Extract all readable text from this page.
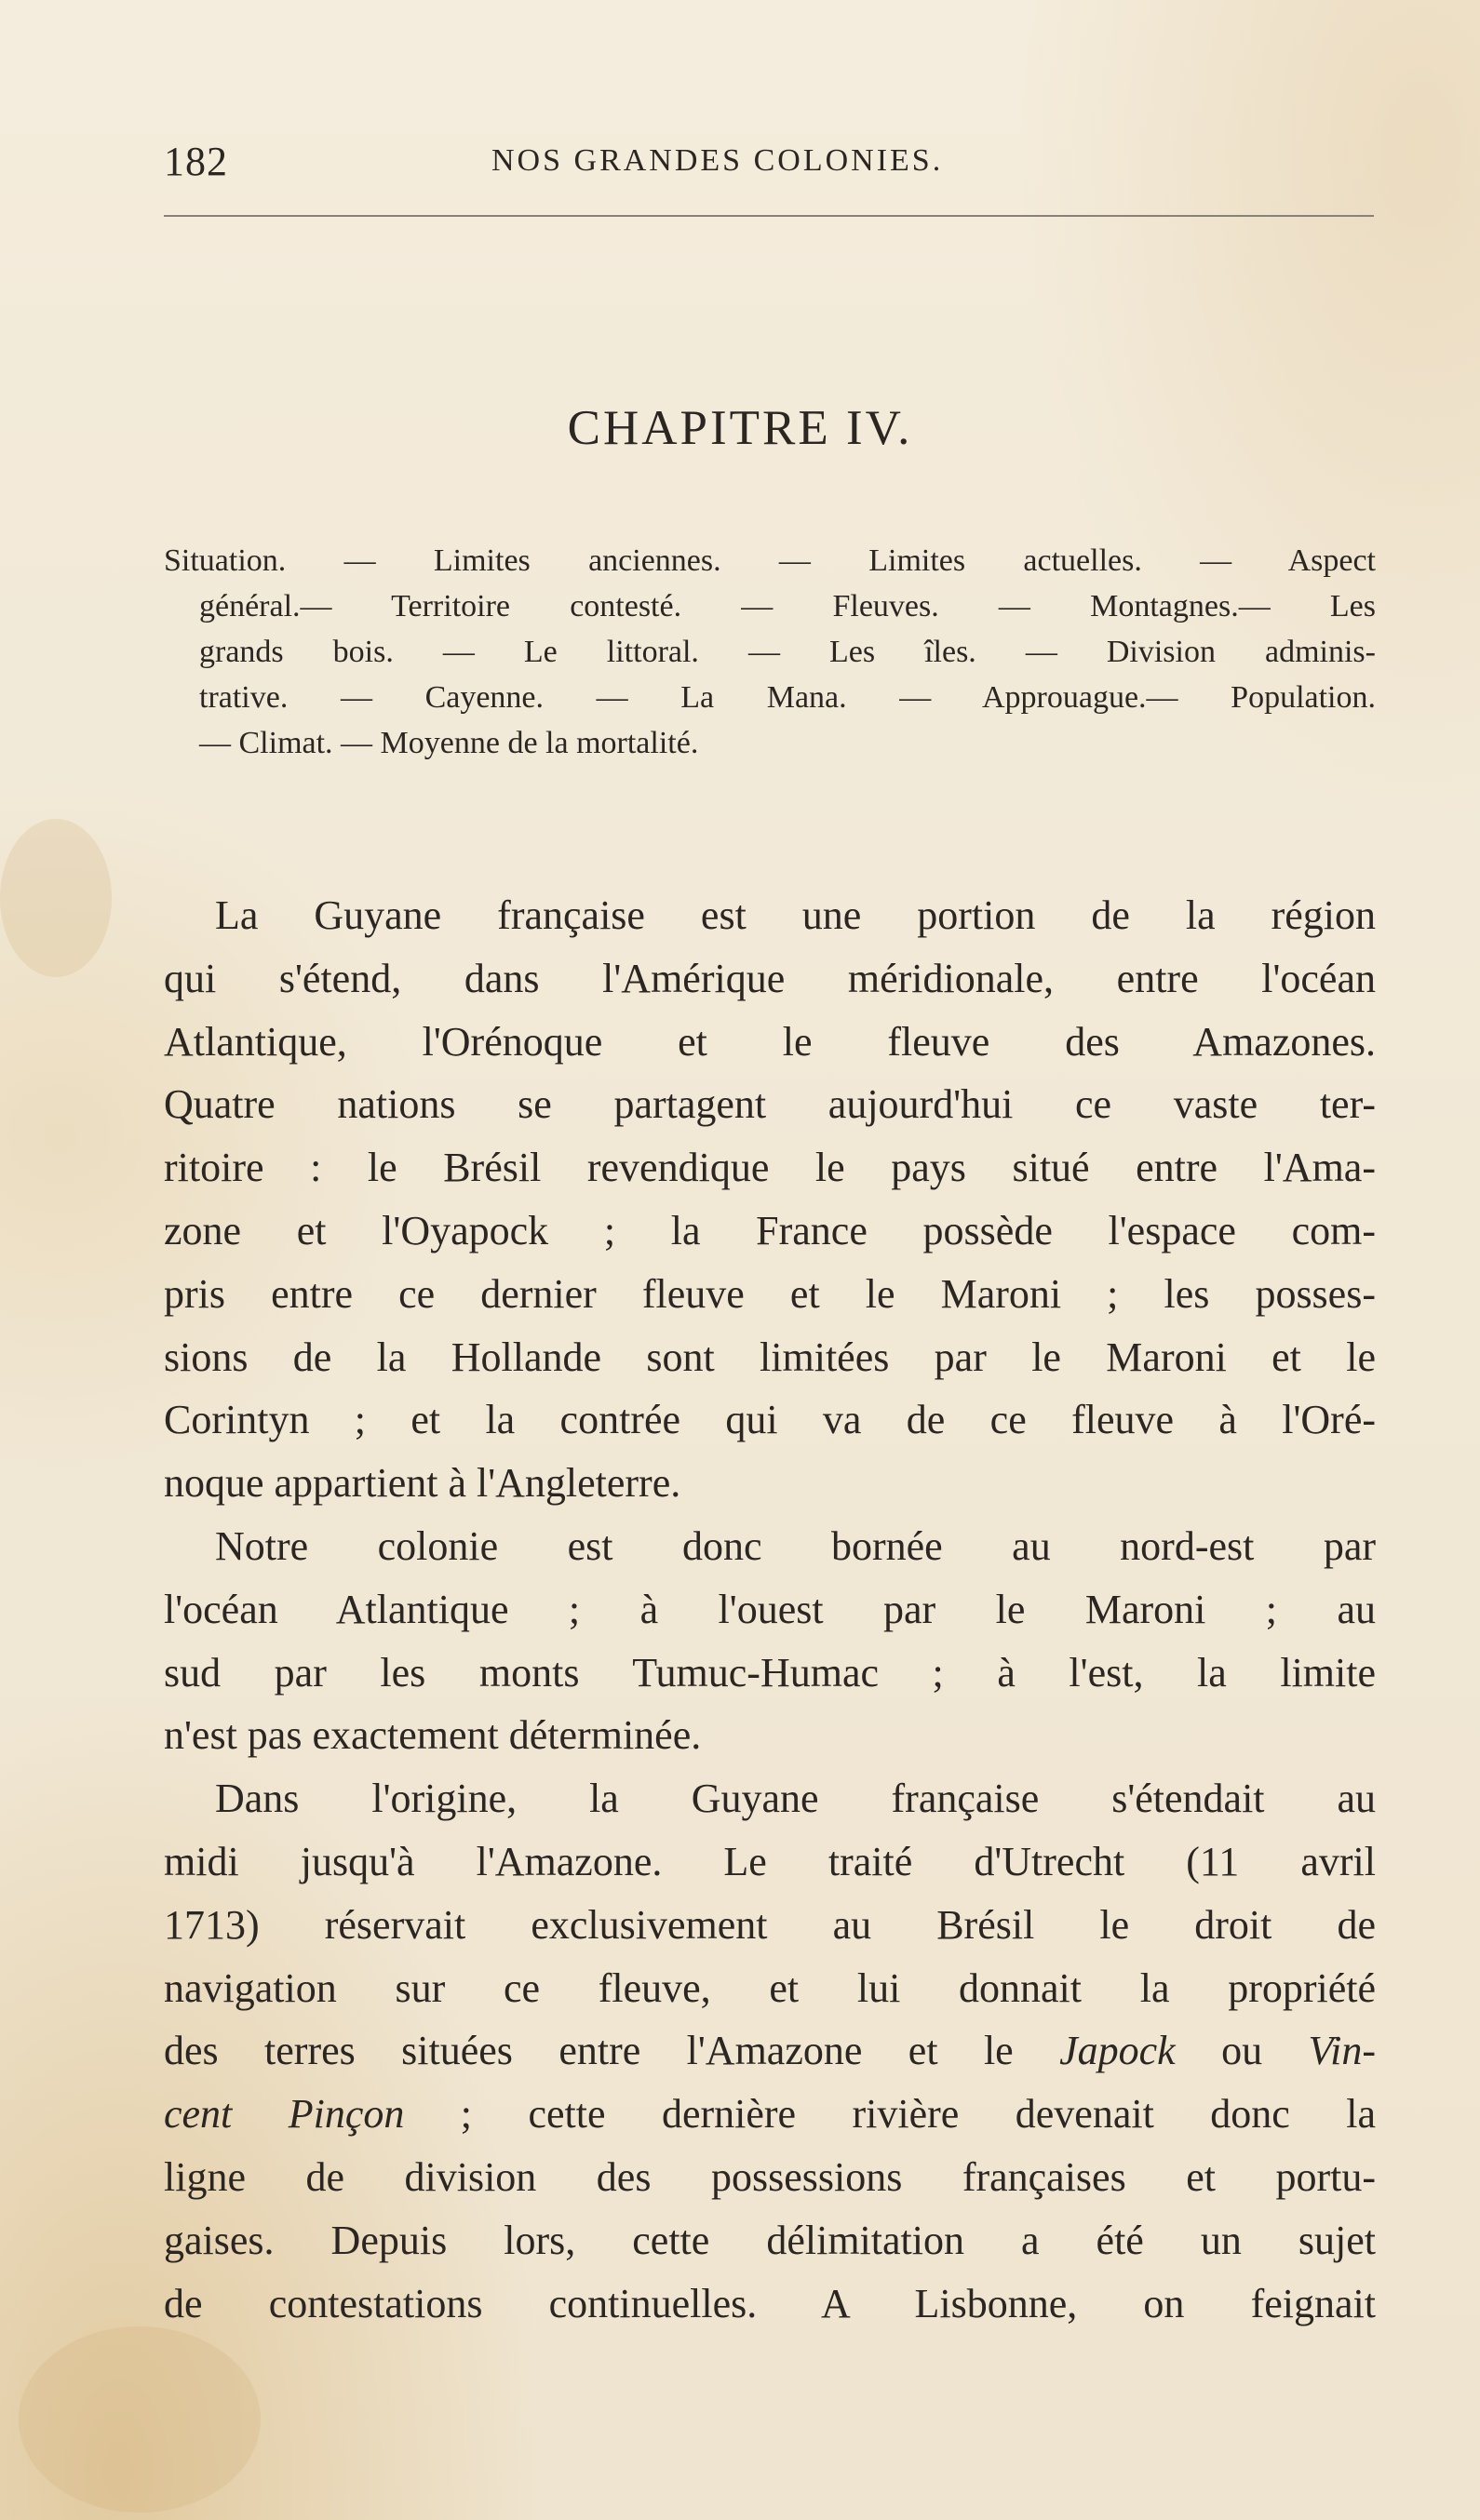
182	NOS GRANDES COLONIES.
CHAPITRE IV.
Situation. — Limites anciennes. — Limites actuelles. — Aspect
général.— Territoire contesté. — Fleuves. — Montagnes.— Les
grands bois. — Le littoral. — Les îles. — Division adminis-
trative. — Cayenne. — La Mana. — Approuague.— Population.
— Climat. — Moyenne de la mortalité.
La Guyane française est une portion de la région
qui s'étend, dans l'Amérique méridionale, entre l'océan
Atlantique, l'Orénoque et le fleuve des Amazones.
Quatre nations se partagent aujourd'hui ce vaste ter-
ritoire : le Brésil revendique le pays situé entre l'Ama-
zone et l'Oyapock ; la France possède l'espace com-
pris entre ce dernier fleuve et le Maroni ; les posses-
sions de la Hollande sont limitées par le Maroni et le
Corintyn ; et la contrée qui va de ce fleuve à l'Oré-
noque appartient à l'Angleterre.
Notre colonie est donc bornée au nord-est par
l'océan Atlantique ; à l'ouest par le Maroni ; au
sud par les monts Tumuc-Humac ; à l'est, la limite
n'est pas exactement déterminée.
Dans l'origine, la Guyane française s'étendait au
midi jusqu'à l'Amazone. Le traité d'Utrecht (11 avril
1713) réservait exclusivement au Brésil le droit de
navigation sur ce fleuve, et lui donnait la propriété
des terres situées entre l'Amazone et le Japock ou Vin-
cent Pinçon ; cette dernière rivière devenait donc la
ligne de division des possessions françaises et portu-
gaises. Depuis lors, cette délimitation a été un sujet
de contestations continuelles. A Lisbonne, on feignait
